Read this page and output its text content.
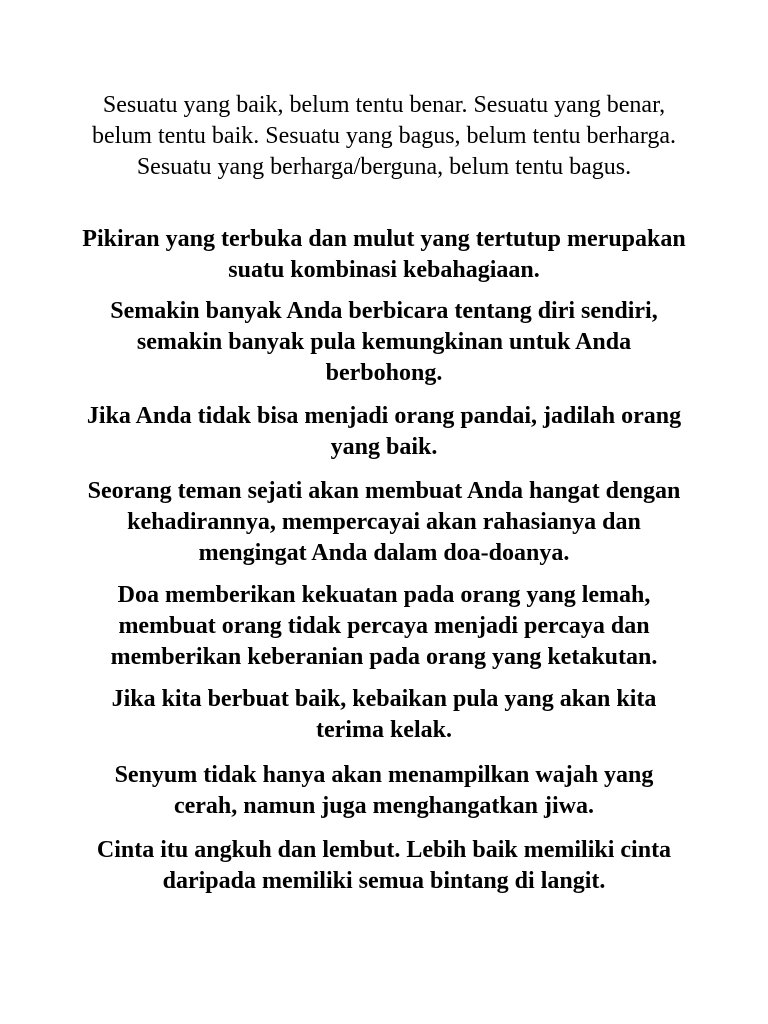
Sesuatu yang baik, belum tentu benar. Sesuatu yang benar, belum tentu baik. Sesuatu yang bagus, belum tentu berharga. Sesuatu yang berharga/berguna, belum tentu bagus.

Pikiran yang terbuka dan mulut yang tertutup merupakan suatu kombinasi kebahagiaan.

Semakin banyak Anda berbicara tentang diri sendiri, semakin banyak pula kemungkinan untuk Anda berbohong.

Jika Anda tidak bisa menjadi orang pandai, jadilah orang yang baik.

Seorang teman sejati akan membuat Anda hangat dengan kehadirannya, mempercayai akan rahasianya dan mengingat Anda dalam doa-doanya.

Doa memberikan kekuatan pada orang yang lemah, membuat orang tidak percaya menjadi percaya dan memberikan keberanian pada orang yang ketakutan.

Jika kita berbuat baik, kebaikan pula yang akan kita terima kelak.

Senyum tidak hanya akan menampilkan wajah yang cerah, namun juga menghangatkan jiwa.

Cinta itu angkuh dan lembut. Lebih baik memiliki cinta daripada memiliki semua bintang di langit.
